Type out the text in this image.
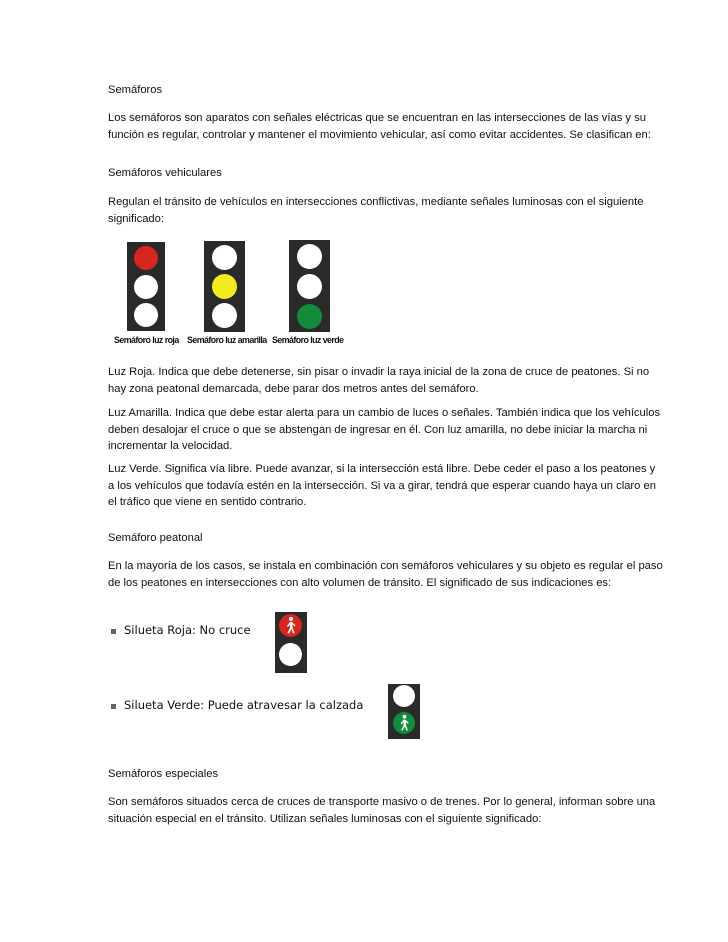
Semáforos

Los semáforos son aparatos con señales eléctricas que se encuentran en las intersecciones de las vías y su función es regular, controlar y mantener el movimiento vehicular, así como evitar accidentes. Se clasifican en:

Semáforos vehiculares

Regulan el tránsito de vehículos en intersecciones conflictivas, mediante señales luminosas con el siguiente significado:

Semáforo luz roja Semáforo luz amarilla Semáforo luz verde

Luz Roja. Indica que debe detenerse, sin pisar o invadir la raya inicial de la zona de cruce de peatones. Si no hay zona peatonal demarcada, debe parar dos metros antes del semáforo.

Luz Amarilla. Indica que debe estar alerta para un cambio de luces o señales. También indica que los vehículos deben desalojar el cruce o que se abstengan de ingresar en él. Con luz amarilla, no debe iniciar la marcha ni incrementar la velocidad.

Luz Verde. Significa vía libre. Puede avanzar, si la intersección está libre. Debe ceder el paso a los peatones y a los vehículos que todavía estén en la intersección. Si va a girar, tendrá que esperar cuando haya un claro en el tráfico que viene en sentido contrario.

Semáforo peatonal

En la mayoría de los casos, se instala en combinación con semáforos vehiculares y su objeto es regular el paso de los peatones en intersecciones con alto volumen de tránsito. El significado de sus indicaciones es:

Silueta Roja: No cruce
Silueta Verde: Puede atravesar la calzada

Semáforos especiales

Son semáforos situados cerca de cruces de transporte masivo o de trenes. Por lo general, informan sobre una situación especial en el tránsito. Utilizan señales luminosas con el siguiente significado:
